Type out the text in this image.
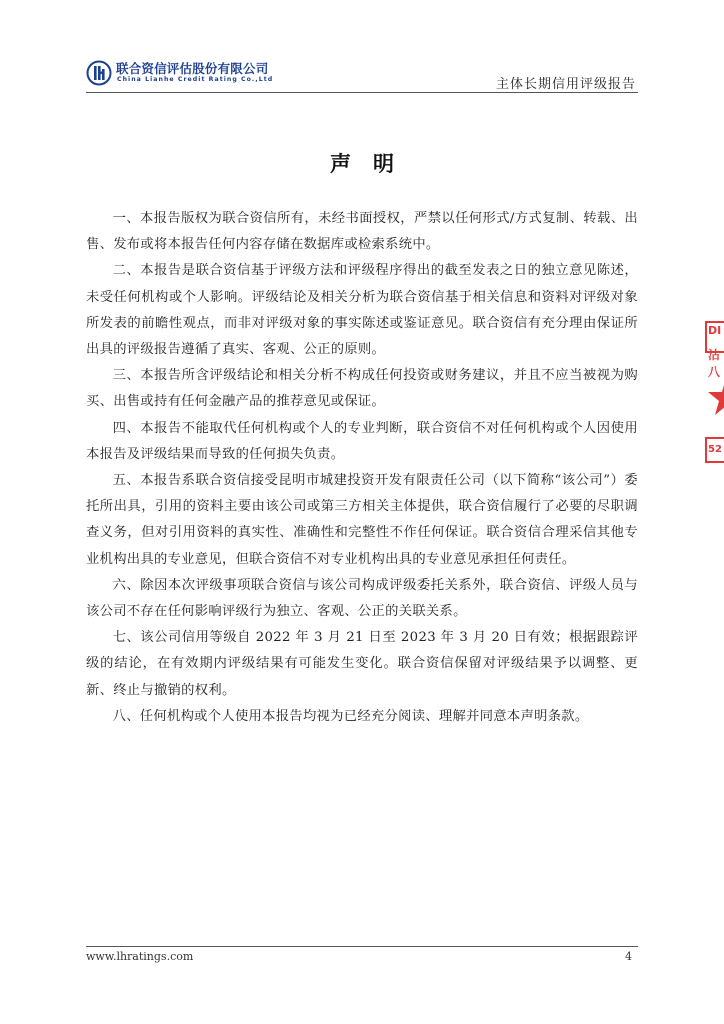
联合资信评估股份有限公司
China Lianhe Credit Rating Co.,Ltd	主体长期信用评级报告
声明

一、本报告版权为联合资信所有，未经书面授权，严禁以任何形式/方式复制、转载、出售、发布或将本报告任何内容存储在数据库或检索系统中。

二、本报告是联合资信基于评级方法和评级程序得出的截至发表之日的独立意见陈述，未受任何机构或个人影响。评级结论及相关分析为联合资信基于相关信息和资料对评级对象所发表的前瞻性观点，而非对评级对象的事实陈述或鉴证意见。联合资信有充分理由保证所出具的评级报告遵循了真实、客观、公正的原则。

三、本报告所含评级结论和相关分析不构成任何投资或财务建议，并且不应当被视为购买、出售或持有任何金融产品的推荐意见或保证。

四、本报告不能取代任何机构或个人的专业判断，联合资信不对任何机构或个人因使用本报告及评级结果而导致的任何损失负责。

五、本报告系联合资信接受昆明市城建投资开发有限责任公司（以下简称“该公司”）委托所出具，引用的资料主要由该公司或第三方相关主体提供，联合资信履行了必要的尽职调查义务，但对引用资料的真实性、准确性和完整性不作任何保证。联合资信合理采信其他专业机构出具的专业意见，但联合资信不对专业机构出具的专业意见承担任何责任。

六、除因本次评级事项联合资信与该公司构成评级委托关系外，联合资信、评级人员与该公司不存在任何影响评级行为独立、客观、公正的关联关系。

七、该公司信用等级自 2022 年 3 月 21 日至 2023 年 3 月 20 日有效；根据跟踪评级的结论，在有效期内评级结果有可能发生变化。联合资信保留对评级结果予以调整、更新、终止与撤销的权利。

八、任何机构或个人使用本报告均视为已经充分阅读、理解并同意本声明条款。

DI
沽八
52
www.lhratings.com	4
